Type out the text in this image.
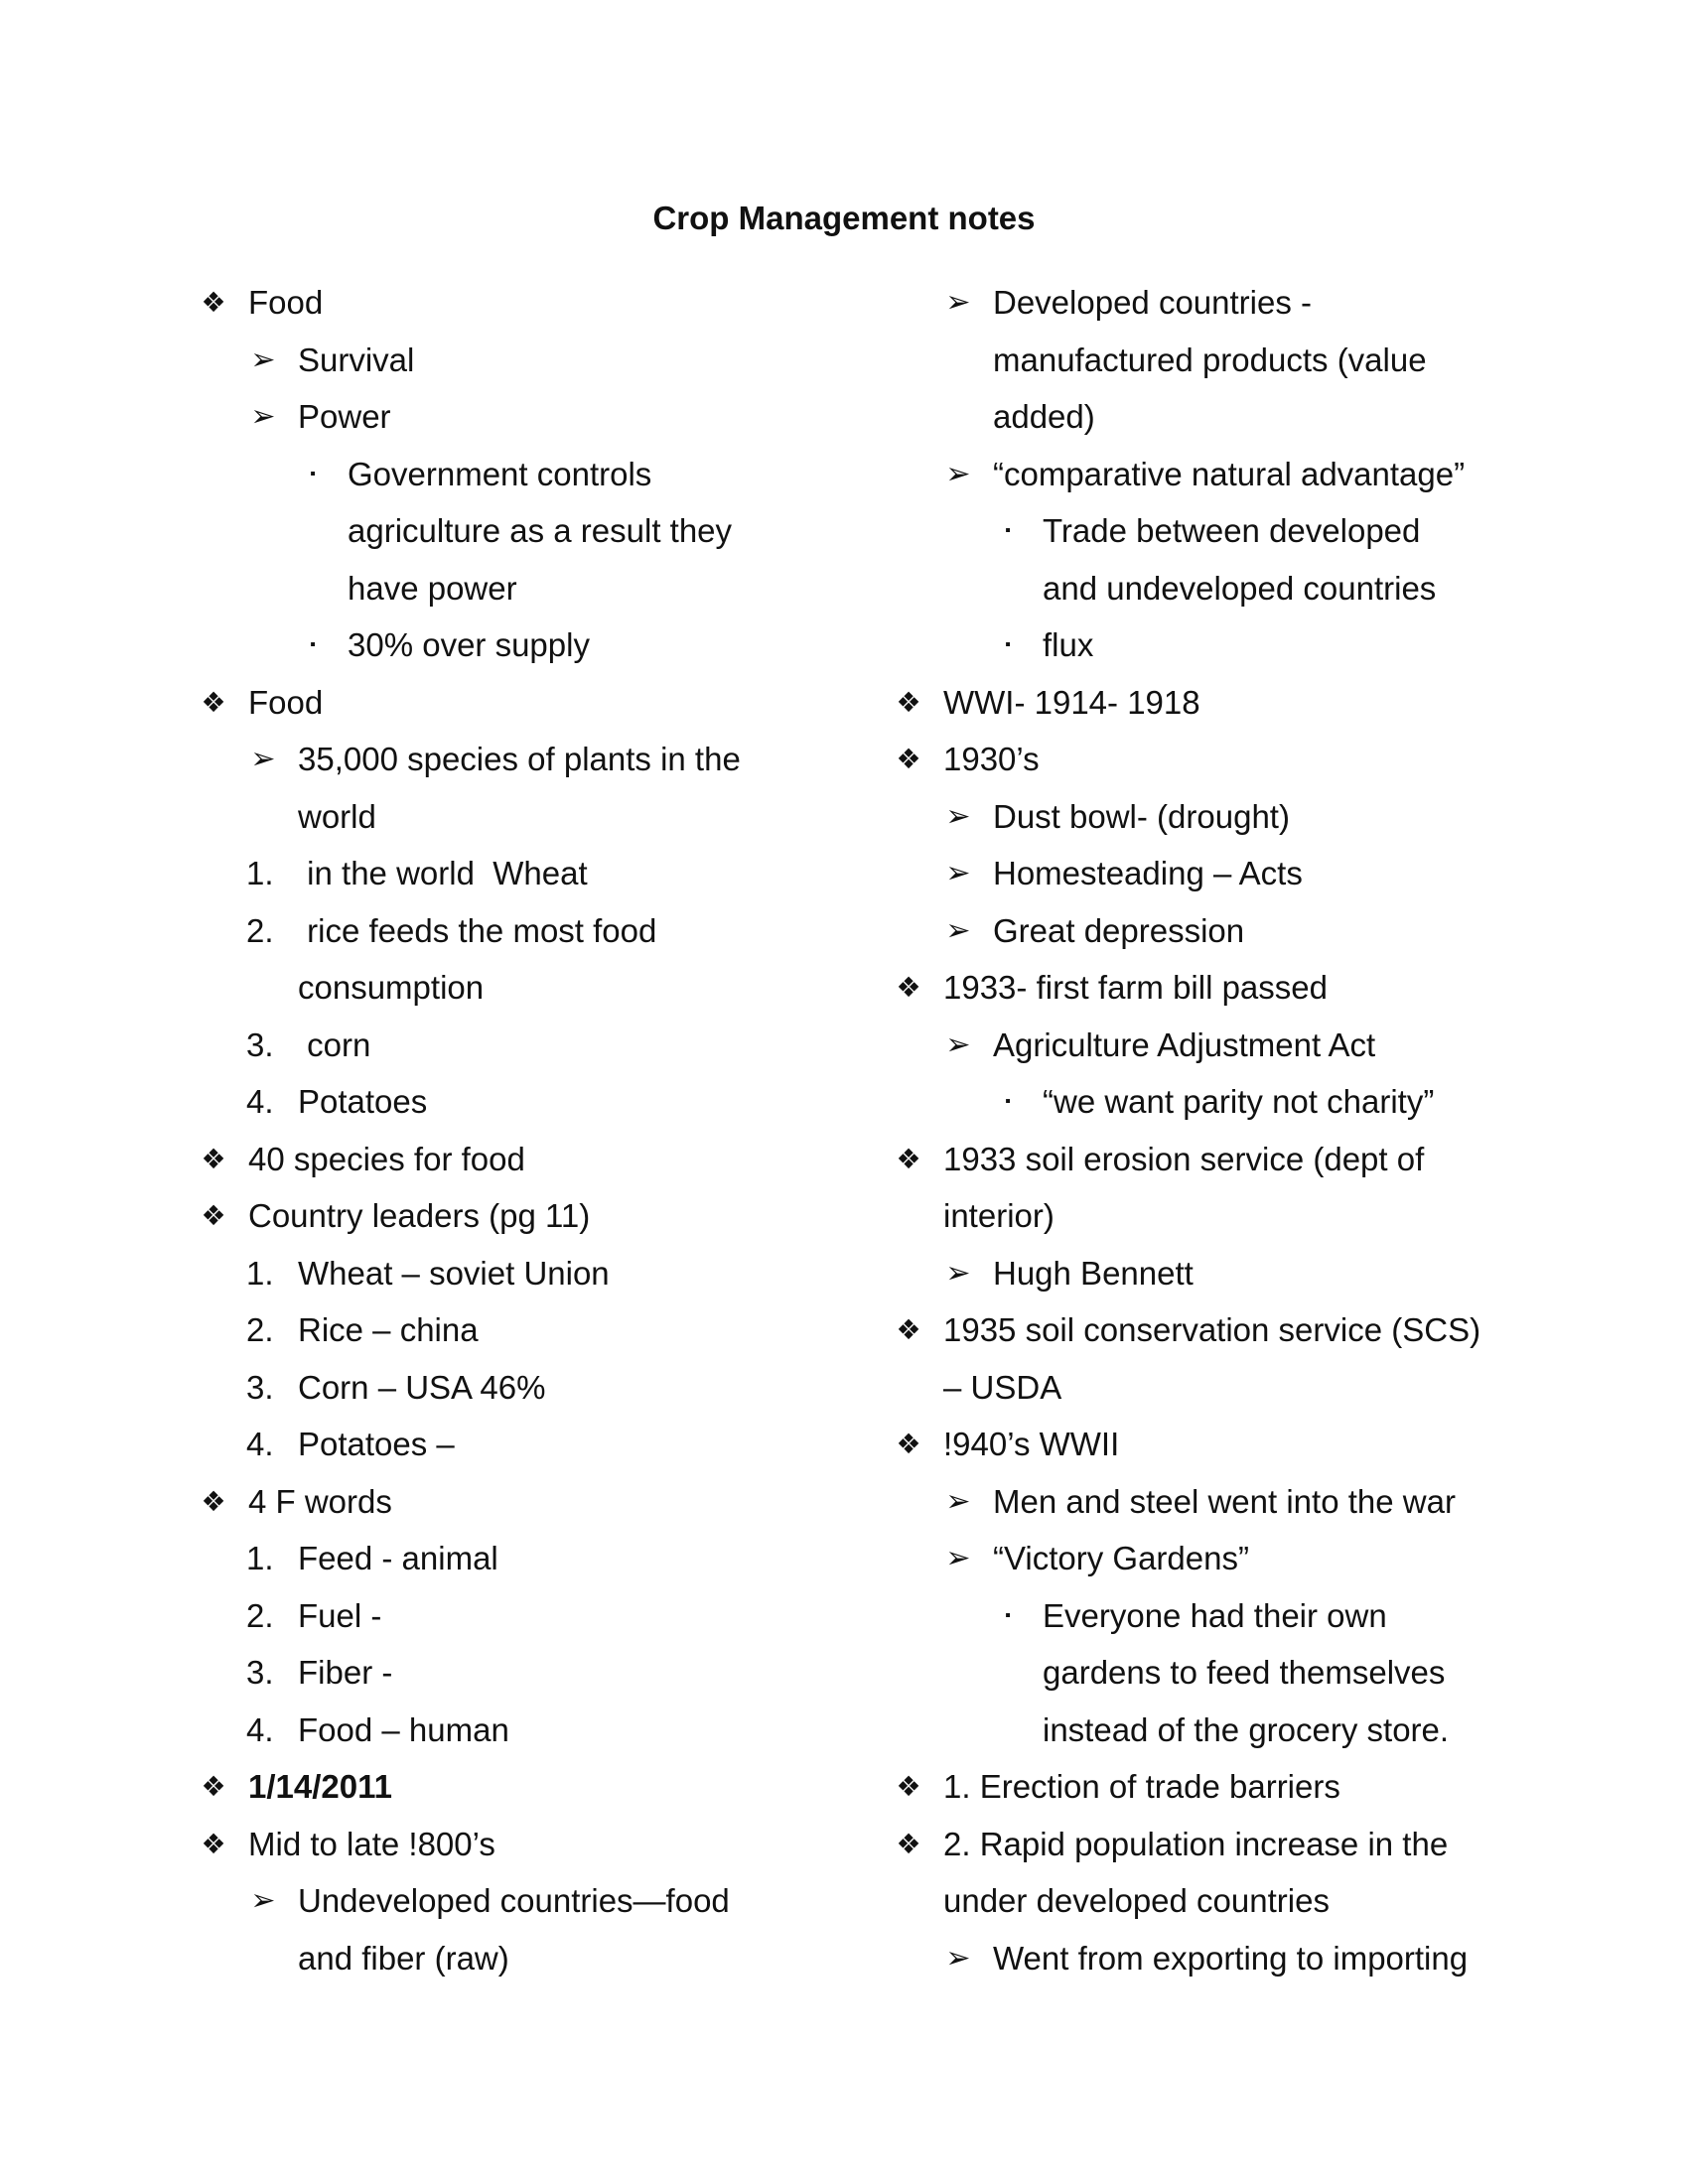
Crop Management notes
❖ Food
➢ Survival
➢ Power
▪ Government controls
agriculture as a result they
have power
▪ 30% over supply
❖ Food
➢ 35,000 species of plants in the
world
1. in the world  Wheat
2. rice feeds the most food
consumption
3. corn
4. Potatoes
❖ 40 species for food
❖ Country leaders (pg 11)
1. Wheat – soviet Union
2. Rice – china
3. Corn – USA 46%
4. Potatoes –
❖ 4 F words
1. Feed - animal
2. Fuel -
3. Fiber -
4. Food – human
❖ 1/14/2011
❖ Mid to late !800’s
➢ Undeveloped countries—food
and fiber (raw)
➢ Developed countries -
manufactured products (value
added)
➢ “comparative natural advantage”
▪ Trade between developed
and undeveloped countries
▪ flux
❖ WWI- 1914- 1918
❖ 1930’s
➢ Dust bowl- (drought)
➢ Homesteading – Acts
➢ Great depression
❖ 1933- first farm bill passed
➢ Agriculture Adjustment Act
▪ “we want parity not charity”
❖ 1933 soil erosion service (dept of
interior)
➢ Hugh Bennett
❖ 1935 soil conservation service (SCS)
– USDA
❖ !940’s WWII
➢ Men and steel went into the war
➢ “Victory Gardens”
▪ Everyone had their own
gardens to feed themselves
instead of the grocery store.
❖ 1. Erection of trade barriers
❖ 2. Rapid population increase in the
under developed countries
➢ Went from exporting to importing
